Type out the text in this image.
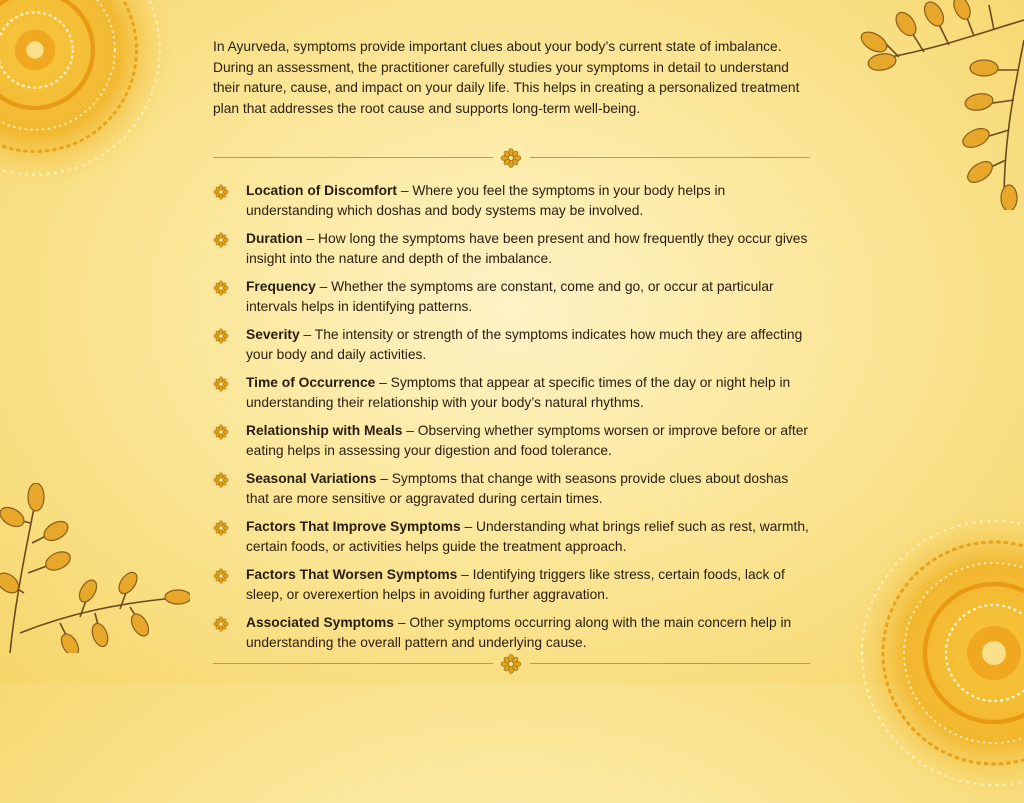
In Ayurveda, symptoms provide important clues about your body’s current state of imbalance. During an assessment, the practitioner carefully studies your symptoms in detail to understand their nature, cause, and impact on your daily life. This helps in creating a personalized treatment plan that addresses the root cause and supports long-term well-being.

Location of Discomfort – Where you feel the symptoms in your body helps in understanding which doshas and body systems may be involved.
Duration – How long the symptoms have been present and how frequently they occur gives insight into the nature and depth of the imbalance.
Frequency – Whether the symptoms are constant, come and go, or occur at particular intervals helps in identifying patterns.
Severity – The intensity or strength of the symptoms indicates how much they are affecting your body and daily activities.
Time of Occurrence – Symptoms that appear at specific times of the day or night help in understanding their relationship with your body’s natural rhythms.
Relationship with Meals – Observing whether symptoms worsen or improve before or after eating helps in assessing your digestion and food tolerance.
Seasonal Variations – Symptoms that change with seasons provide clues about doshas that are more sensitive or aggravated during certain times.
Factors That Improve Symptoms – Understanding what brings relief such as rest, warmth, certain foods, or activities helps guide the treatment approach.
Factors That Worsen Symptoms – Identifying triggers like stress, certain foods, lack of sleep, or overexertion helps in avoiding further aggravation.
Associated Symptoms – Other symptoms occurring along with the main concern help in understanding the overall pattern and underlying cause.
